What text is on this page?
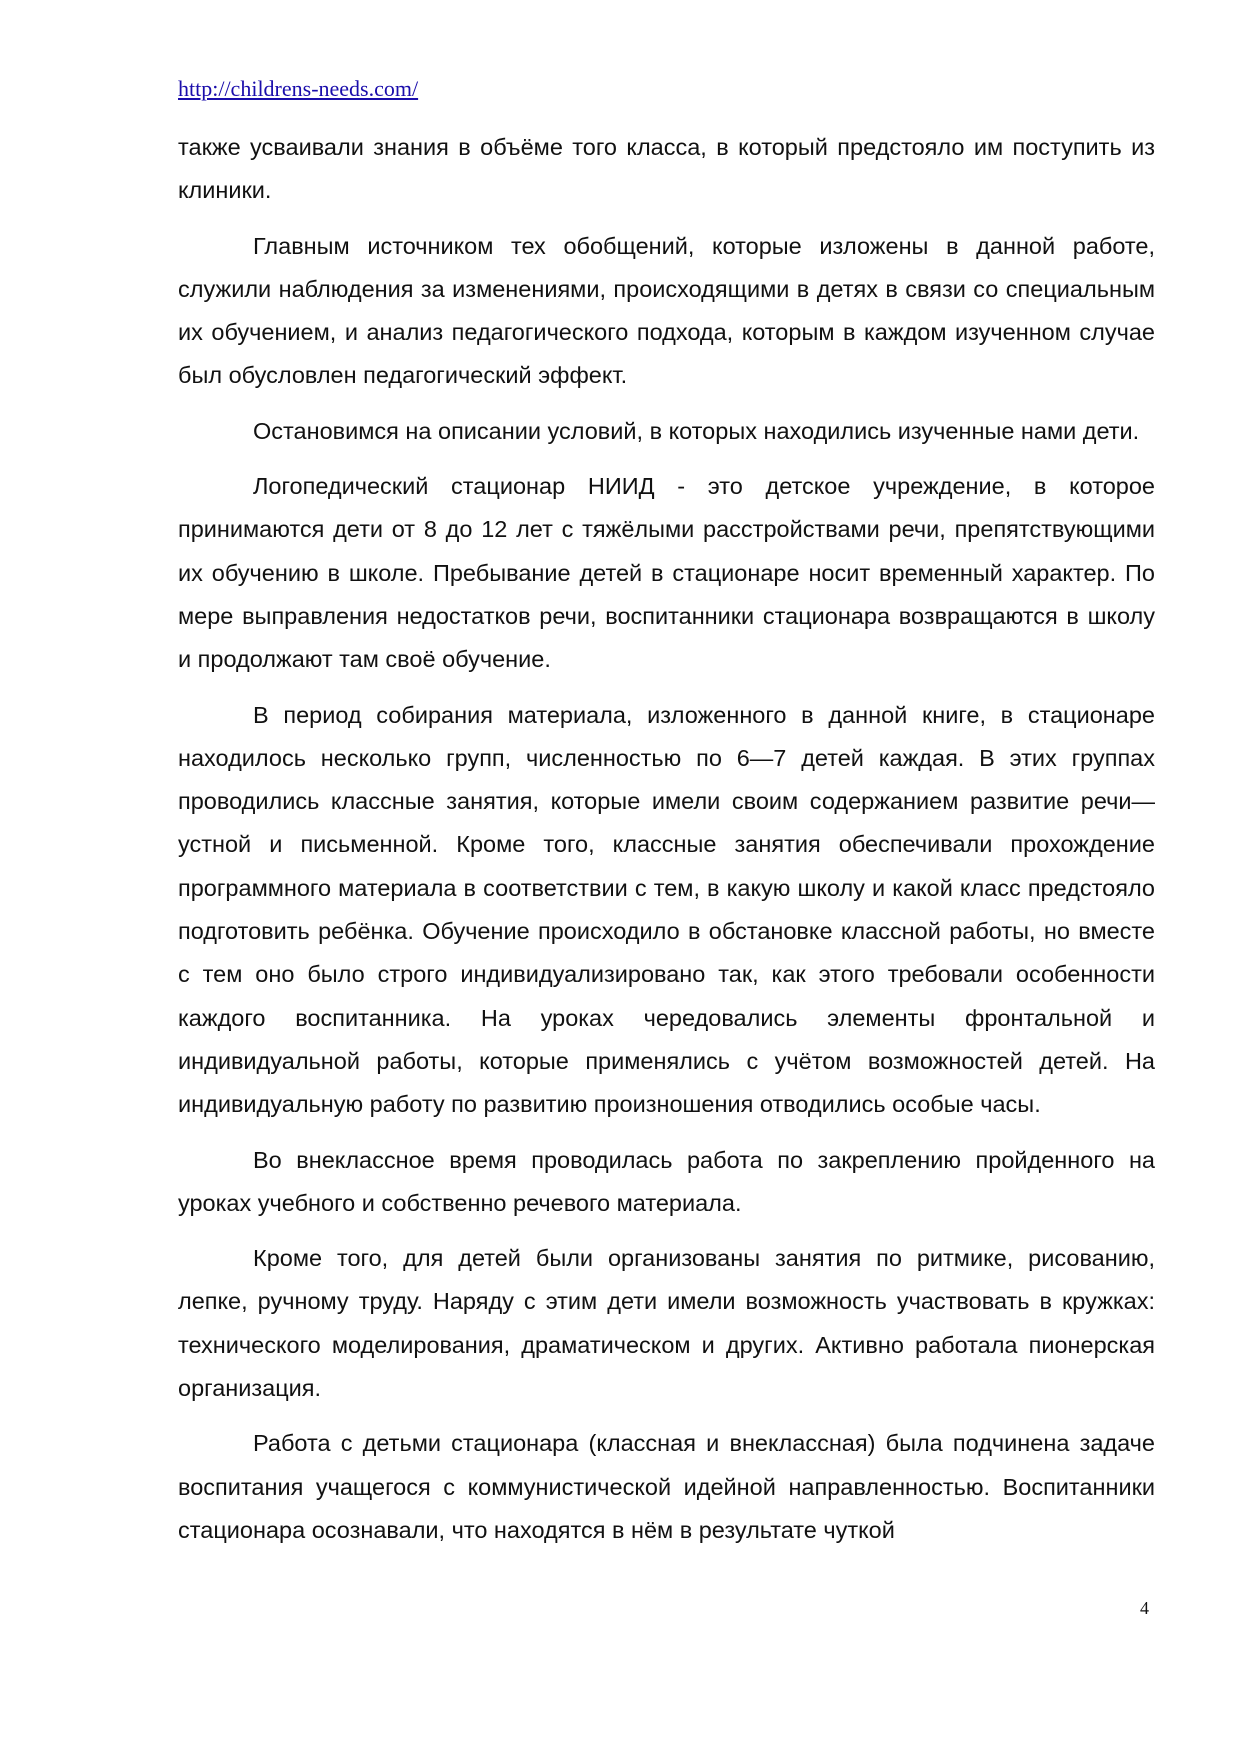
http://childrens-needs.com/

также усваивали знания в объёме того класса, в который предстояло им поступить из клиники.

Главным источником тех обобщений, которые изложены в данной работе, служили наблюдения за изменениями, происходящими в детях в связи со специальным их обучением, и анализ педагогического подхода, которым в каждом изученном случае был обусловлен педагогический эффект.

Остановимся на описании условий, в которых находились изученные нами дети.

Логопедический стационар НИИД - это детское учреждение, в которое принимаются дети от 8 до 12 лет с тяжёлыми расстройствами речи, препятствующими их обучению в школе. Пребывание детей в стационаре носит временный характер. По мере выправления недостатков речи, воспитанники стационара возвращаются в школу и продолжают там своё обучение.

В период собирания материала, изложенного в данной книге, в стационаре находилось несколько групп, численностью по 6—7 детей каждая. В этих группах проводились классные занятия, которые имели своим содержанием развитие речи—устной и письменной. Кроме того, классные занятия обеспечивали прохождение программного материала в соответствии с тем, в какую школу и какой класс предстояло подготовить ребёнка. Обучение происходило в обстановке классной работы, но вместе с тем оно было строго индивидуализировано так, как этого требовали особенности каждого воспитанника. На уроках чередовались элементы фронтальной и индивидуальной работы, которые применялись с учётом возможностей детей. На индивидуальную работу по развитию произношения отводились особые часы.

Во внеклассное время проводилась работа по закреплению пройденного на уроках учебного и собственно речевого материала.

Кроме того, для детей были организованы занятия по ритмике, рисованию, лепке, ручному труду. Наряду с этим дети имели возможность участвовать в кружках: технического моделирования, драматическом и других. Активно работала пионерская организация.

Работа с детьми стационара (классная и внеклассная) была подчинена задаче воспитания учащегося с коммунистической идейной направленностью. Воспитанники стационара осознавали, что находятся в нём в результате чуткой

4
